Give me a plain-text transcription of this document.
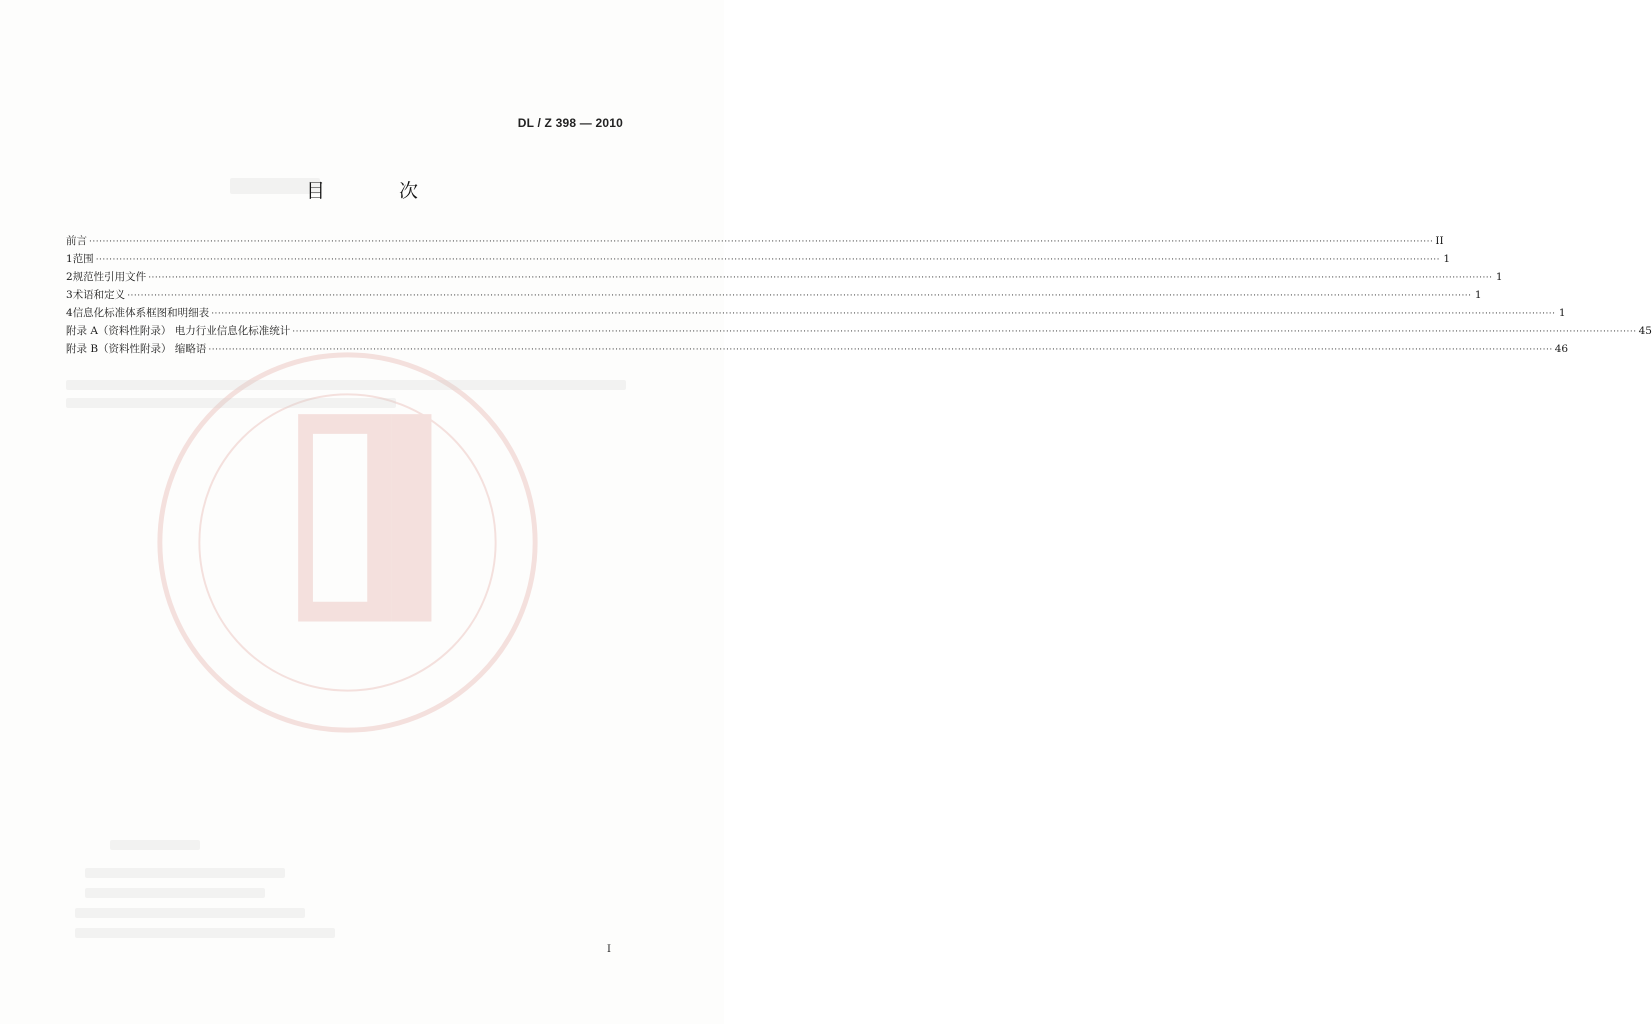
DL / Z 398 — 2010
目 次
前言 ················································································································································································································································································································································································································ II
1 范围 ················································································································································································································································································································································································································ 1
2 规范性引用文件 ················································································································································································································································································································································································································ 1
3 术语和定义 ················································································································································································································································································································································································································ 1
4 信息化标准体系框图和明细表 ················································································································································································································································································································································································································ 1
附录 A（资料性附录） 电力行业信息化标准统计 ················································································································································································································································································································································································································ 45
附录 B（资料性附录） 缩略语 ················································································································································································································································································································································································································ 46
I
